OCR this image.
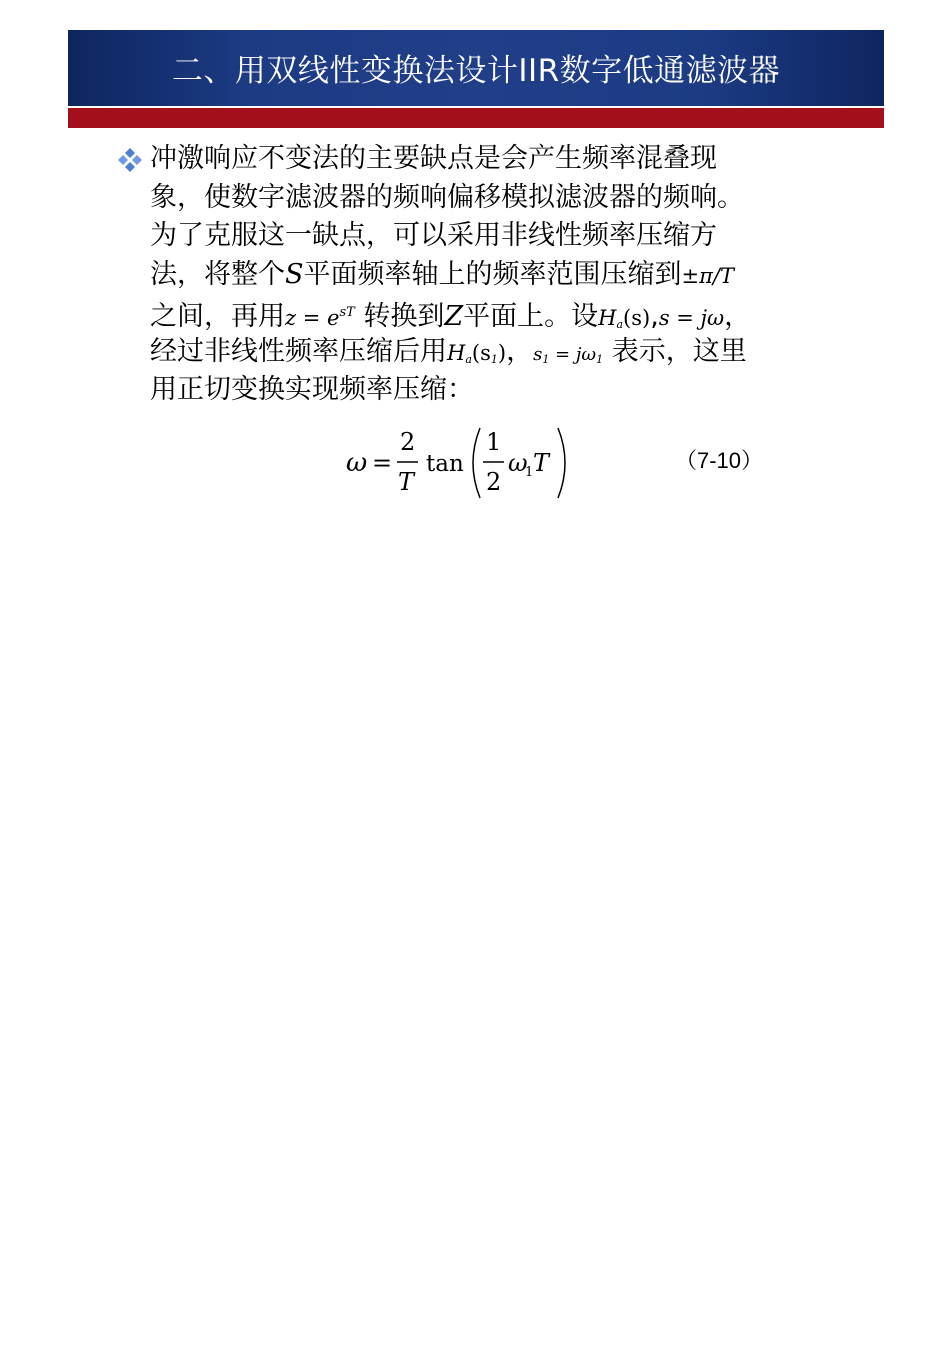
二、用双线性变换法设计IIR数字低通滤波器
冲激响应不变法的主要缺点是会产生频率混叠现
象，使数字滤波器的频响偏移模拟滤波器的频响。
为了克服这一缺点，可以采用非线性频率压缩方
法，将整个S平面频率轴上的频率范围压缩到±π/T
之间，再用$z = e^{sT}$ 转换到Z平面上。设Ha(s),s = jω，
经过非线性频率压缩后用Ha(s1)，s1 = jω1 表示，这里
用正切变换实现频率压缩：
ω =
2
T
tan
1
2
ω
1 T	（7-10）
